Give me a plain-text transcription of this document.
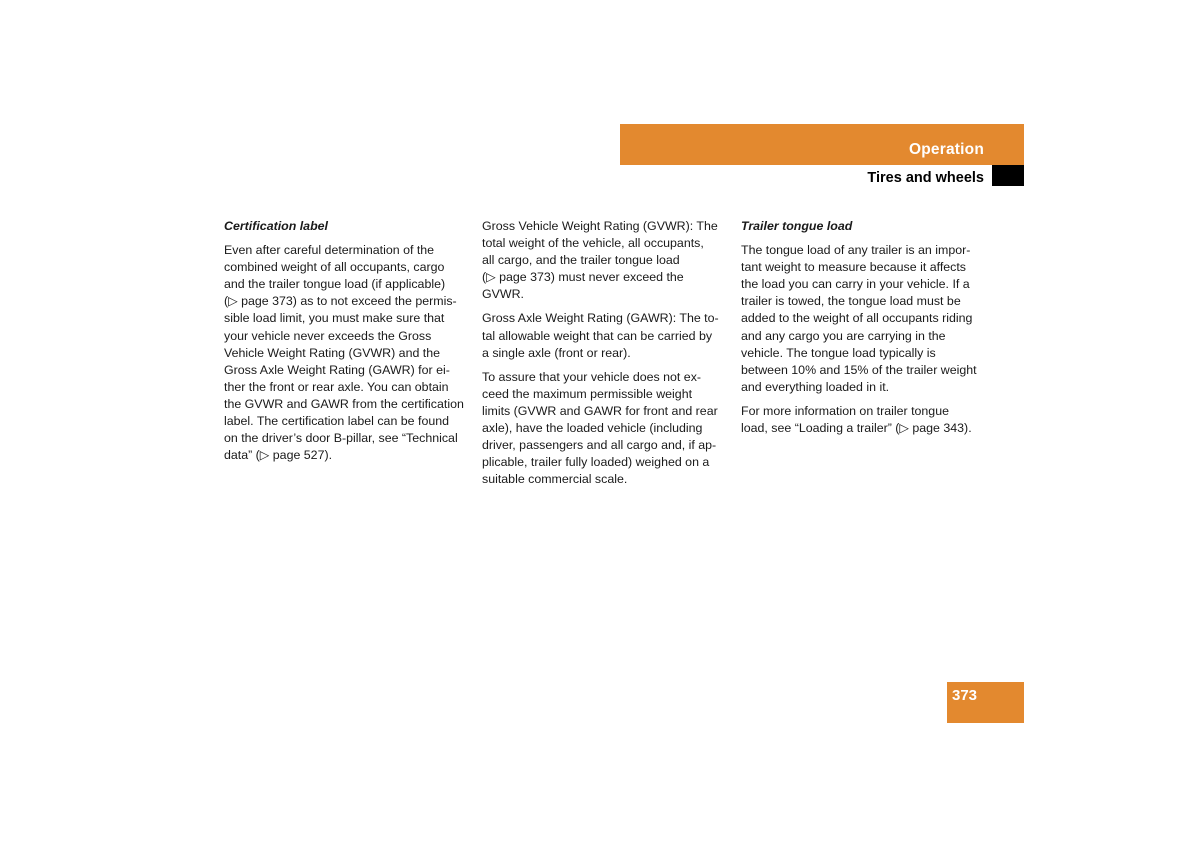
Operation
Tires and wheels
Certification label
Even after careful determination of the
combined weight of all occupants, cargo
and the trailer tongue load (if applicable)
(▷ page 373) as to not exceed the permis-
sible load limit, you must make sure that
your vehicle never exceeds the Gross
Vehicle Weight Rating (GVWR) and the
Gross Axle Weight Rating (GAWR) for ei-
ther the front or rear axle. You can obtain
the GVWR and GAWR from the certification
label. The certification label can be found
on the driver’s door B-pillar, see “Technical
data” (▷ page 527).
Gross Vehicle Weight Rating (GVWR): The
total weight of the vehicle, all occupants,
all cargo, and the trailer tongue load
(▷ page 373) must never exceed the
GVWR.
Gross Axle Weight Rating (GAWR): The to-
tal allowable weight that can be carried by
a single axle (front or rear).
To assure that your vehicle does not ex-
ceed the maximum permissible weight
limits (GVWR and GAWR for front and rear
axle), have the loaded vehicle (including
driver, passengers and all cargo and, if ap-
plicable, trailer fully loaded) weighed on a
suitable commercial scale.
Trailer tongue load
The tongue load of any trailer is an impor-
tant weight to measure because it affects
the load you can carry in your vehicle. If a
trailer is towed, the tongue load must be
added to the weight of all occupants riding
and any cargo you are carrying in the
vehicle. The tongue load typically is
between 10% and 15% of the trailer weight
and everything loaded in it.
For more information on trailer tongue
load, see “Loading a trailer” (▷ page 343).
373
